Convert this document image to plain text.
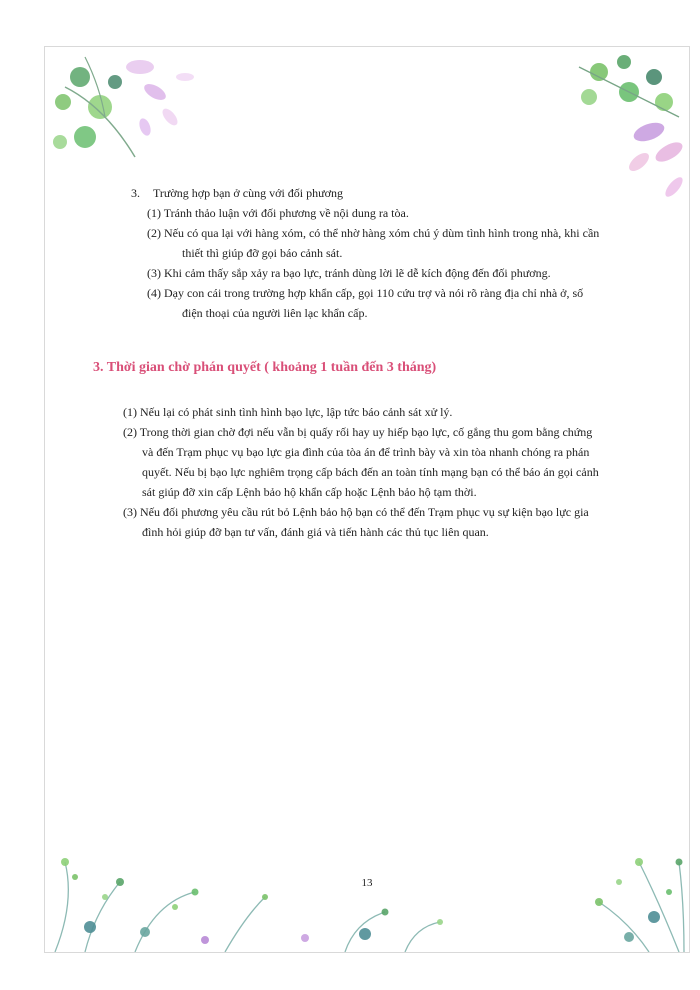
3. Trường hợp bạn ở cùng với đối phương
(1) Tránh thảo luận với đối phương về nội dung ra tòa.
(2) Nếu có qua lại với hàng xóm, có thể nhờ hàng xóm chú ý dùm tình hình trong nhà, khi cần
thiết thì giúp đỡ gọi báo cảnh sát.
(3) Khi cảm thấy sắp xảy ra bạo lực, tránh dùng lời lẽ dễ kích động đến đối phương.
(4) Dạy con cái trong trường hợp khẩn cấp, gọi 110 cứu trợ và nói rõ ràng địa chỉ nhà ở, số
điện thoại của người liên lạc khẩn cấp.
3. Thời gian chờ phán quyết ( khoảng 1 tuần đến 3 tháng)
(1) Nếu lại có phát sinh tình hình bạo lực, lập tức báo cảnh sát xử lý.
(2) Trong thời gian chờ đợi nếu vẫn bị quấy rối hay uy hiếp bạo lực, cố gắng thu gom bằng chứng
và đến Trạm phục vụ bạo lực gia đình của tòa án để trình bày và xin tòa nhanh chóng ra phán
quyết. Nếu bị bạo lực nghiêm trọng cấp bách đến an toàn tính mạng bạn có thể báo án gọi cảnh
sát giúp đỡ xin cấp Lệnh bảo hộ khẩn cấp hoặc Lệnh bảo hộ tạm thời.
(3) Nếu đối phương yêu cầu rút bỏ Lệnh bảo hộ bạn có thể đến Trạm phục vụ sự kiện bạo lực gia
đình hỏi giúp đỡ bạn tư vấn, đánh giá và tiến hành các thủ tục liên quan.
13
